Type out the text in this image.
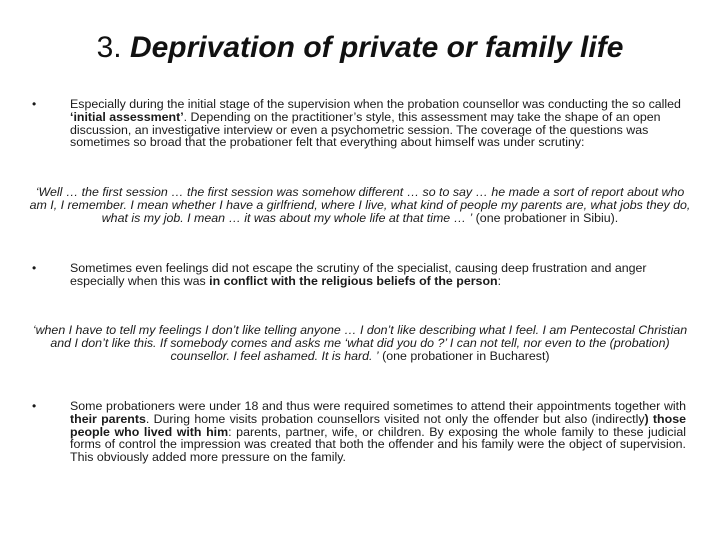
3. Deprivation of private or family life
•	Especially during the initial stage of the supervision when the probation counsellor was conducting the so called ‘initial assessment’. Depending on the practitioner’s style, this assessment may take the shape of an open discussion, an investigative interview or even a psychometric session. The coverage of the questions was sometimes so broad that the probationer felt that everything about himself was under scrutiny:
‘Well … the first session … the first session was somehow different … so to say … he made a sort of report about who am I, I remember. I mean whether I have a girlfriend, where I live, what kind of people my parents are, what jobs they do, what is my job. I mean … it was about my whole life at that time … ’ (one probationer in Sibiu).
•	Sometimes even feelings did not escape the scrutiny of the specialist, causing deep frustration and anger especially when this was in conflict with the religious beliefs of the person:
‘when I have to tell my feelings I don’t like telling anyone … I don’t like describing what I feel. I am Pentecostal Christian and I don’t like this. If somebody comes and asks me ‘what did you do ?’ I can not tell, nor even to the (probation) counsellor. I feel ashamed. It is hard. ’ (one probationer in Bucharest)
•	Some probationers were under 18 and thus were required sometimes to attend their appointments together with their parents. During home visits probation counsellors visited not only the offender but also (indirectly) those people who lived with him: parents, partner, wife, or children. By exposing the whole family to these judicial forms of control the impression was created that both the offender and his family were the object of supervision. This obviously added more pressure on the family.
